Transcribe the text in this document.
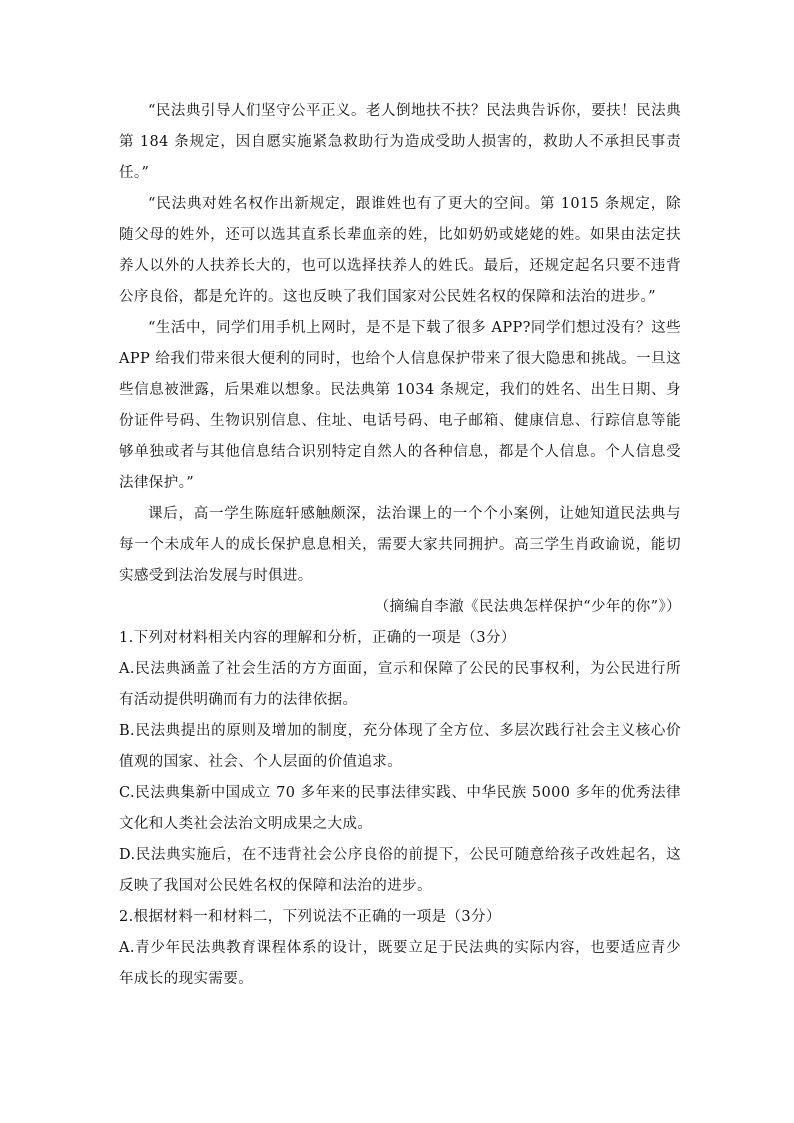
“民法典引导人们坚守公平正义。老人倒地扶不扶？民法典告诉你，要扶！民法典第 184 条规定，因自愿实施紧急救助行为造成受助人损害的，救助人不承担民事责任。”

“民法典对姓名权作出新规定，跟谁姓也有了更大的空间。第 1015 条规定，除随父母的姓外，还可以选其直系长辈血亲的姓，比如奶奶或姥姥的姓。如果由法定扶养人以外的人扶养长大的，也可以选择扶养人的姓氏。最后，还规定起名只要不违背公序良俗，都是允许的。这也反映了我们国家对公民姓名权的保障和法治的进步。”

“生活中，同学们用手机上网时，是不是下载了很多 APP?同学们想过没有？这些 APP 给我们带来很大便利的同时，也给个人信息保护带来了很大隐患和挑战。一旦这些信息被泄露，后果难以想象。民法典第 1034 条规定，我们的姓名、出生日期、身份证件号码、生物识别信息、住址、电话号码、电子邮箱、健康信息、行踪信息等能够单独或者与其他信息结合识别特定自然人的各种信息，都是个人信息。个人信息受法律保护。”

课后，高一学生陈庭轩感触颇深，法治课上的一个个小案例，让她知道民法典与每一个未成年人的成长保护息息相关，需要大家共同拥护。高三学生肖政谕说，能切实感受到法治发展与时俱进。

（摘编自李澈《民法典怎样保护“少年的你”》）

1.下列对材料相关内容的理解和分析，正确的一项是（3分）

A.民法典涵盖了社会生活的方方面面，宣示和保障了公民的民事权利，为公民进行所有活动提供明确而有力的法律依据。

B.民法典提出的原则及增加的制度，充分体现了全方位、多层次践行社会主义核心价值观的国家、社会、个人层面的价值追求。

C.民法典集新中国成立 70 多年来的民事法律实践、中华民族 5000 多年的优秀法律文化和人类社会法治文明成果之大成。

D.民法典实施后，在不违背社会公序良俗的前提下，公民可随意给孩子改姓起名，这反映了我国对公民姓名权的保障和法治的进步。

2.根据材料一和材料二，下列说法不正确的一项是（3分）

A.青少年民法典教育课程体系的设计，既要立足于民法典的实际内容，也要适应青少年成长的现实需要。
